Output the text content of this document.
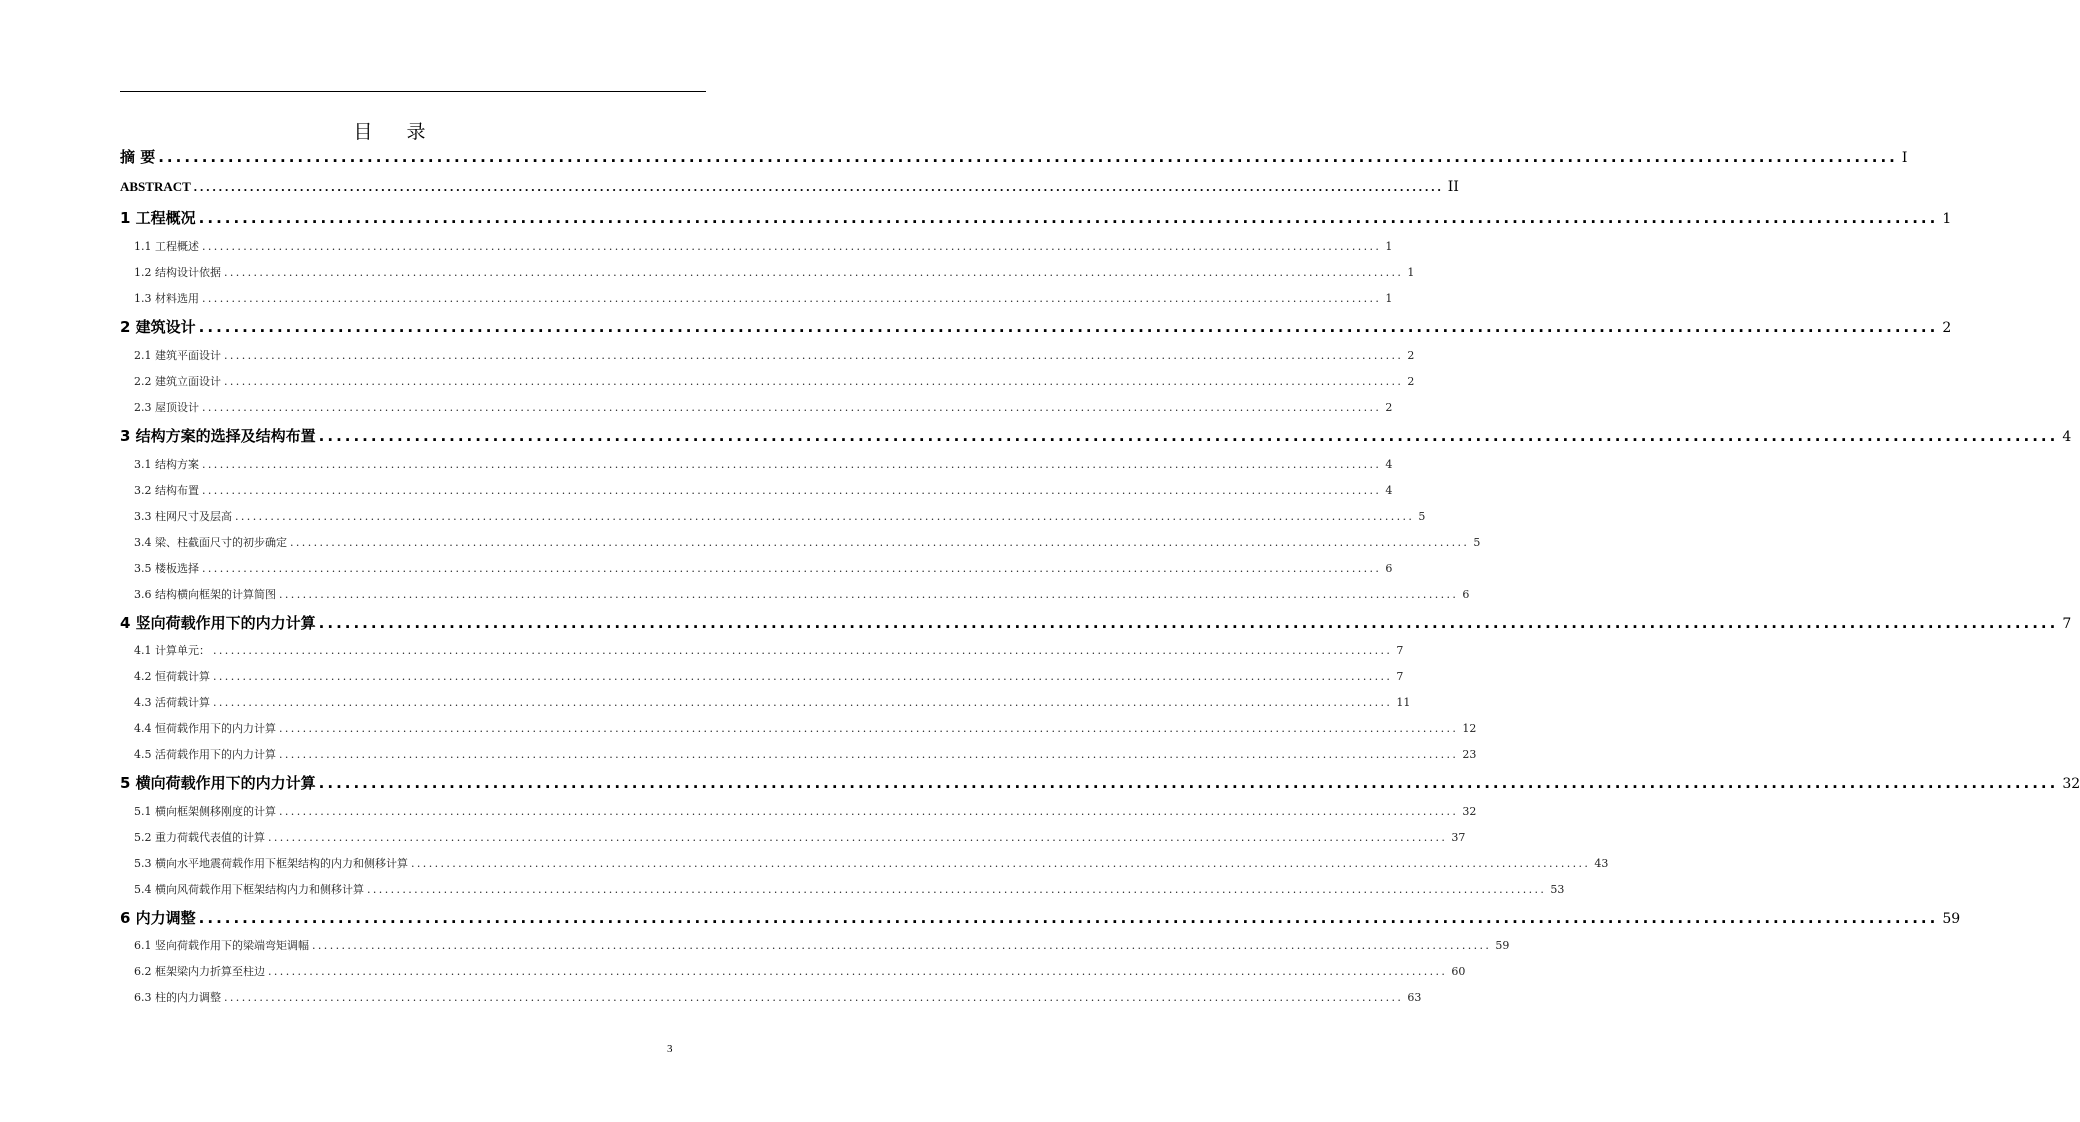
目 录
摘 要 ........................................................................................................................................................................................................ I
ABSTRACT ........................................................................................................................................................................................................ II
1 工程概况 ........................................................................................................................................................................................................ 1
1.1 工程概述 ........................................................................................................................................................................................................ 1
1.2 结构设计依据 ........................................................................................................................................................................................................ 1
1.3 材料选用 ........................................................................................................................................................................................................ 1
2 建筑设计 ........................................................................................................................................................................................................ 2
2.1 建筑平面设计 ........................................................................................................................................................................................................ 2
2.2 建筑立面设计 ........................................................................................................................................................................................................ 2
2.3 屋顶设计 ........................................................................................................................................................................................................ 2
3 结构方案的选择及结构布置 ........................................................................................................................................................................................................ 4
3.1 结构方案 ........................................................................................................................................................................................................ 4
3.2 结构布置 ........................................................................................................................................................................................................ 4
3.3 柱网尺寸及层高 ........................................................................................................................................................................................................ 5
3.4 梁、柱截面尺寸的初步确定 ........................................................................................................................................................................................................ 5
3.5 楼板选择 ........................................................................................................................................................................................................ 6
3.6 结构横向框架的计算简图 ........................................................................................................................................................................................................ 6
4 竖向荷载作用下的内力计算 ........................................................................................................................................................................................................ 7
4.1 计算单元： ........................................................................................................................................................................................................ 7
4.2 恒荷载计算 ........................................................................................................................................................................................................ 7
4.3 活荷载计算 ........................................................................................................................................................................................................ 11
4.4 恒荷载作用下的内力计算 ........................................................................................................................................................................................................ 12
4.5 活荷载作用下的内力计算 ........................................................................................................................................................................................................ 23
5 横向荷载作用下的内力计算 ........................................................................................................................................................................................................ 32
5.1 横向框架侧移刚度的计算 ........................................................................................................................................................................................................ 32
5.2 重力荷载代表值的计算 ........................................................................................................................................................................................................ 37
5.3 横向水平地震荷载作用下框架结构的内力和侧移计算 ........................................................................................................................................................................................................ 43
5.4 横向风荷载作用下框架结构内力和侧移计算 ........................................................................................................................................................................................................ 53
6 内力调整 ........................................................................................................................................................................................................ 59
6.1 竖向荷载作用下的梁端弯矩调幅 ........................................................................................................................................................................................................ 59
6.2 框架梁内力折算至柱边 ........................................................................................................................................................................................................ 60
6.3 柱的内力调整 ........................................................................................................................................................................................................ 63
3
